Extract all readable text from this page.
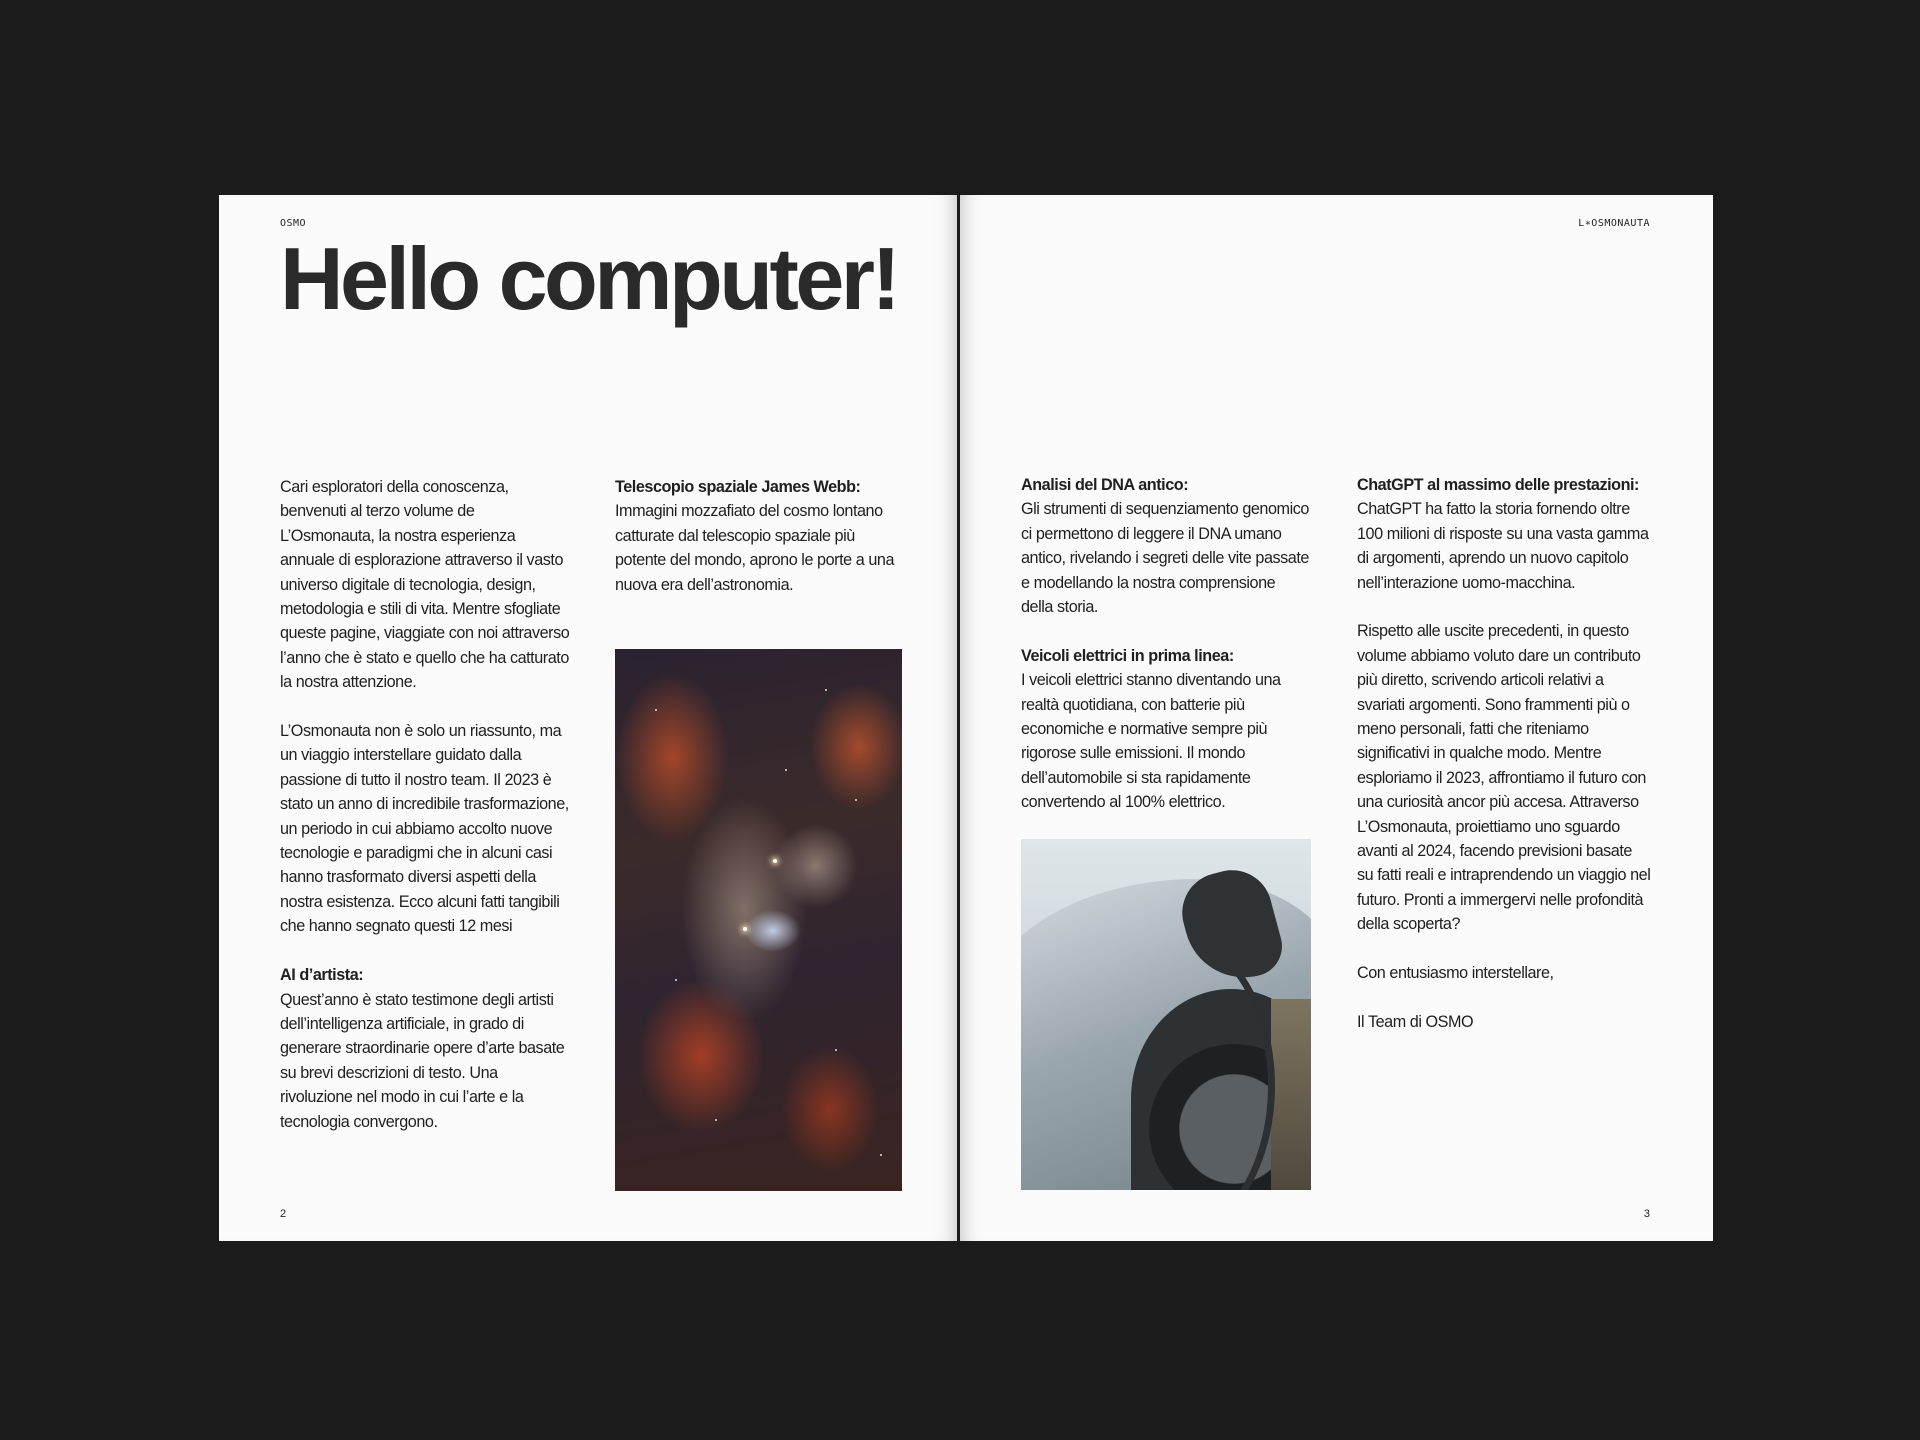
OSMO
Hello computer!

Cari esploratori della conoscenza, benvenuti al terzo volume de L’Osmonauta, la nostra esperienza annuale di esplorazione attraverso il vasto universo digitale di tecnologia, design, metodologia e stili di vita. Mentre sfogliate queste pagine, viaggiate con noi attraverso l’anno che è stato e quello che ha catturato la nostra attenzione.

L’Osmonauta non è solo un riassunto, ma un viaggio interstellare guidato dalla passione di tutto il nostro team. Il 2023 è stato un anno di incredibile trasformazione, un periodo in cui abbiamo accolto nuove tecnologie e paradigmi che in alcuni casi hanno trasformato diversi aspetti della nostra esistenza. Ecco alcuni fatti tangibili che hanno segnato questi 12 mesi

AI d’artista:
Quest’anno è stato testimone degli artisti dell’intelligenza artificiale, in grado di generare straordinarie opere d’arte basate su brevi descrizioni di testo. Una rivoluzione nel modo in cui l’arte e la tecnologia convergono.

Telescopio spaziale James Webb:
Immagini mozzafiato del cosmo lontano catturate dal telescopio spaziale più potente del mondo, aprono le porte a una nuova era dell’astronomia.

2
L∗OSMONAUTA

Analisi del DNA antico:
Gli strumenti di sequenziamento genomico ci permettono di leggere il DNA umano antico, rivelando i segreti delle vite passate e modellando la nostra comprensione della storia.

Veicoli elettrici in prima linea:
I veicoli elettrici stanno diventando una realtà quotidiana, con batterie più economiche e normative sempre più rigorose sulle emissioni. Il mondo dell’automobile si sta rapidamente convertendo al 100% elettrico.

ChatGPT al massimo delle prestazioni:
ChatGPT ha fatto la storia fornendo oltre 100 milioni di risposte su una vasta gamma di argomenti, aprendo un nuovo capitolo nell’interazione uomo-macchina.

Rispetto alle uscite precedenti, in questo volume abbiamo voluto dare un contributo più diretto, scrivendo articoli relativi a svariati argomenti. Sono frammenti più o meno personali, fatti che riteniamo significativi in qualche modo. Mentre esploriamo il 2023, affrontiamo il futuro con una curiosità ancor più accesa. Attraverso L’Osmonauta, proiettiamo uno sguardo avanti al 2024, facendo previsioni basate su fatti reali e intraprendendo un viaggio nel futuro. Pronti a immergervi nelle profondità della scoperta?

Con entusiasmo interstellare,

Il Team di OSMO

3
